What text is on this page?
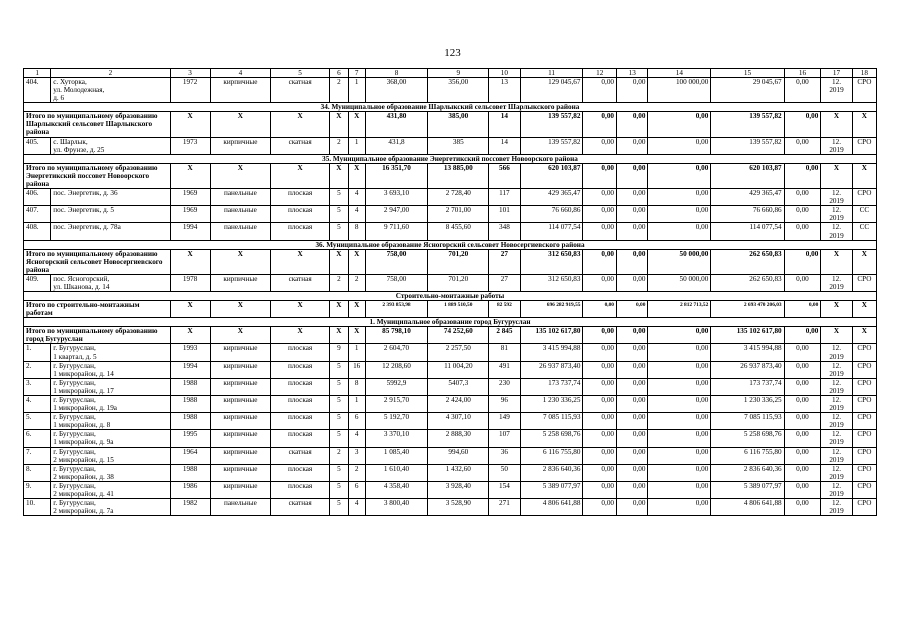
123
1	2	3	4	5	6	7	8	9	10	11	12	13	14	15	16	17	18
404.	с. Хуторка,
ул. Молодежная,
д. 6	1972	кирпичные	скатная	2	1	368,00	356,00	13	129 045,67	0,00	0,00	100 000,00	29 045,67	0,00	12.
2019	СРО
34. Муниципальное образование Шарлыкский сельсовет Шарлыкского района																	
Итого по муниципальному образованию Шарлыкский сельсовет Шарлыкского района		X	X	X	X	X	431,80	385,00	14	139 557,82	0,00	0,00	0,00	139 557,82	0,00	X	X
405.	с. Шарлык,
ул. Фрунзе, д. 25	1973	кирпичные	скатная	2	1	431,8	385	14	139 557,82	0,00	0,00	0,00	139 557,82	0,00	12.
2019	СРО
35. Муниципальное образование Энергетикский поссовет Новоорского района																	
Итого по муниципальному образованию Энергетикский поссовет Новоорского района		X	X	X	X	X	16 351,70	13 885,00	566	620 103,87	0,00	0,00	0,00	620 103,87	0,00	X	X
406.	пос. Энергетик, д. 36	1969	панельные	плоская	5	4	3 693,10	2 728,40	117	429 365,47	0,00	0,00	0,00	429 365,47	0,00	12.
2019	СРО
407.	пос. Энергетик, д. 5	1969	панельные	плоская	5	4	2 947,00	2 701,00	101	76 660,86	0,00	0,00	0,00	76 660,86	0,00	12.
2019	СС
408.	пос. Энергетик, д. 78а	1994	панельные	плоская	5	8	9 711,60	8 455,60	348	114 077,54	0,00	0,00	0,00	114 077,54	0,00	12.
2019	СС
36. Муниципальное образование Ясногорский сельсовет Новосергиевского района																	
Итого по муниципальному образованию Ясногорский сельсовет Новосергиевского района		X	X	X	X	X	758,00	701,20	27	312 650,83	0,00	0,00	50 000,00	262 650,83	0,00	X	X
409.	пос. Ясногорский,
ул. Шканова, д. 14	1978	кирпичные	скатная	2	2	758,00	701,20	27	312 650,83	0,00	0,00	50 000,00	262 650,83	0,00	12.
2019	СРО
Строительно-монтажные работы																	
Итого по строительно-монтажным работам		X	X	X	X	X	2 393 853,98	1 889 510,50	82 592	696 282 919,55	0,00	0,00	2 812 713,52	2 693 470 206,03	0,00	X	X
1. Муниципальное образование город Бугуруслан																	
Итого по муниципальному образованию город Бугуруслан		X	X	X	X	X	85 798,10	74 252,60	2 845	135 102 617,80	0,00	0,00	0,00	135 102 617,80	0,00	X	X
1.	г. Бугуруслан,
1 квартал, д. 5	1993	кирпичные	плоская	9	1	2 604,70	2 257,50	81	3 415 994,88	0,00	0,00	0,00	3 415 994,88	0,00	12.
2019	СРО
2.	г. Бугуруслан,
1 микрорайон, д. 14	1994	кирпичные	плоская	5	16	12 208,60	11 004,20	491	26 937 873,40	0,00	0,00	0,00	26 937 873,40	0,00	12.
2019	СРО
3.	г. Бугуруслан,
1 микрорайон, д. 17	1988	кирпичные	плоская	5	8	5992,9	5407,3	230	173 737,74	0,00	0,00	0,00	173 737,74	0,00	12.
2019	СРО
4.	г. Бугуруслан,
1 микрорайон, д. 19а	1988	кирпичные	плоская	5	1	2 915,70	2 424,00	96	1 230 336,25	0,00	0,00	0,00	1 230 336,25	0,00	12.
2019	СРО
5.	г. Бугуруслан,
1 микрорайон, д. 8	1988	кирпичные	плоская	5	6	5 192,70	4 307,10	149	7 085 115,93	0,00	0,00	0,00	7 085 115,93	0,00	12.
2019	СРО
6.	г. Бугуруслан,
1 микрорайон, д. 9а	1995	кирпичные	плоская	5	4	3 370,10	2 888,30	107	5 258 698,76	0,00	0,00	0,00	5 258 698,76	0,00	12.
2019	СРО
7.	г. Бугуруслан,
2 микрорайон, д. 15	1964	кирпичные	скатная	2	3	1 085,40	994,60	36	6 116 755,80	0,00	0,00	0,00	6 116 755,80	0,00	12.
2019	СРО
8.	г. Бугуруслан,
2 микрорайон, д. 38	1988	кирпичные	плоская	5	2	1 610,40	1 432,60	50	2 836 640,36	0,00	0,00	0,00	2 836 640,36	0,00	12.
2019	СРО
9.	г. Бугуруслан,
2 микрорайон, д. 41	1986	кирпичные	плоская	5	6	4 358,40	3 928,40	154	5 389 077,97	0,00	0,00	0,00	5 389 077,97	0,00	12.
2019	СРО
10.	г. Бугуруслан,
2 микрорайон, д. 7а	1982	панельные	скатная	5	4	3 800,40	3 528,90	271	4 806 641,88	0,00	0,00	0,00	4 806 641,88	0,00	12.
2019	СРО
